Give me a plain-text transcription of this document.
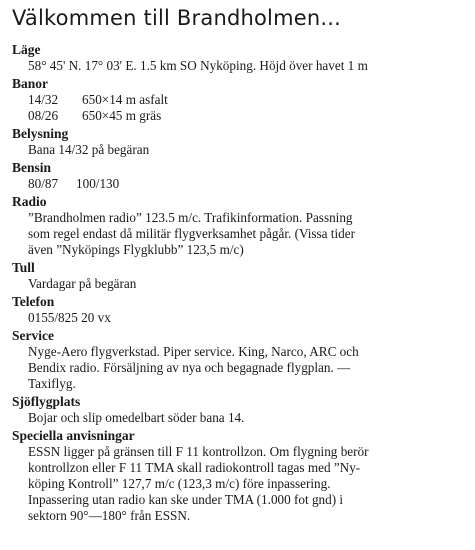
Välkommen till Brandholmen...
Läge
58° 45' N. 17° 03' E. 1.5 km SO Nyköping. Höjd över havet 1 m
Banor
14/32	650×14 m asfalt
08/26	650×45 m gräs
Belysning
Bana 14/32 på begäran
Bensin
80/87	100/130
Radio
”Brandholmen radio” 123.5 m/c. Trafikinformation. Passning
som regel endast då militär flygverksamhet pågår. (Vissa tider
även ”Nyköpings Flygklubb” 123,5 m/c)
Tull
Vardagar på begäran
Telefon
0155/825 20 vx
Service
Nyge-Aero flygverkstad. Piper service. King, Narco, ARC och
Bendix radio. Försäljning av nya och begagnade flygplan. —
Taxiflyg.
Sjöflygplats
Bojar och slip omedelbart söder bana 14.
Speciella anvisningar
ESSN ligger på gränsen till F 11 kontrollzon. Om flygning berör
kontrollzon eller F 11 TMA skall radiokontroll tagas med ”Ny-
köping Kontroll” 127,7 m/c (123,3 m/c) före inpassering.
Inpassering utan radio kan ske under TMA (1.000 fot gnd) i
sektorn 90°—180° från ESSN.
